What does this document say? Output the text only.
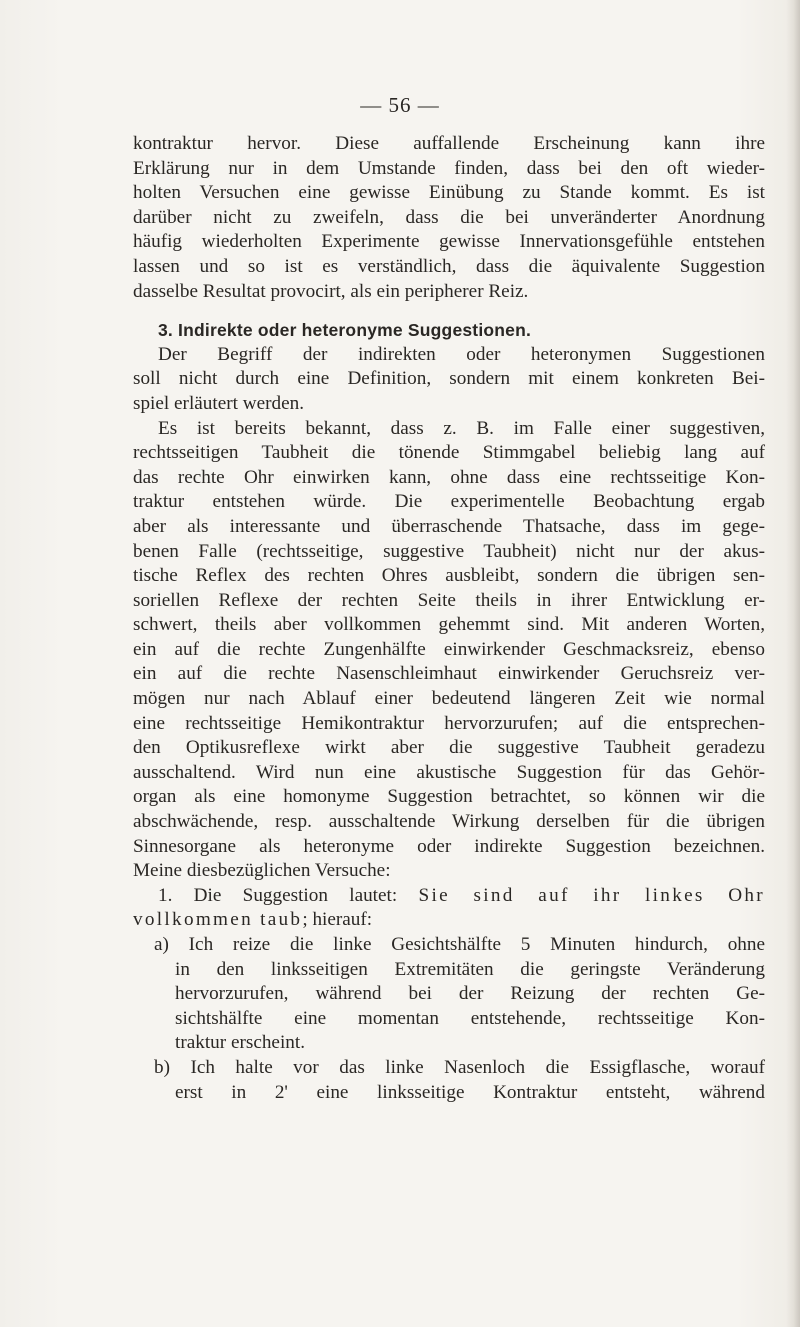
— 56 —
kontraktur hervor. Diese auffallende Erscheinung kann ihre
Erklärung nur in dem Umstande finden, dass bei den oft wieder-
holten Versuchen eine gewisse Einübung zu Stande kommt. Es ist
darüber nicht zu zweifeln, dass die bei unveränderter Anordnung
häufig wiederholten Experimente gewisse Innervationsgefühle entstehen
lassen und so ist es verständlich, dass die äquivalente Suggestion
dasselbe Resultat provocirt, als ein peripherer Reiz.
3. Indirekte oder heteronyme Suggestionen.
Der Begriff der indirekten oder heteronymen Suggestionen
soll nicht durch eine Definition, sondern mit einem konkreten Bei-
spiel erläutert werden.
Es ist bereits bekannt, dass z. B. im Falle einer suggestiven,
rechtsseitigen Taubheit die tönende Stimmgabel beliebig lang auf
das rechte Ohr einwirken kann, ohne dass eine rechtsseitige Kon-
traktur entstehen würde. Die experimentelle Beobachtung ergab
aber als interessante und überraschende Thatsache, dass im gege-
benen Falle (rechtsseitige, suggestive Taubheit) nicht nur der akus-
tische Reflex des rechten Ohres ausbleibt, sondern die übrigen sen-
soriellen Reflexe der rechten Seite theils in ihrer Entwicklung er-
schwert, theils aber vollkommen gehemmt sind. Mit anderen Worten,
ein auf die rechte Zungenhälfte einwirkender Geschmacksreiz, ebenso
ein auf die rechte Nasenschleimhaut einwirkender Geruchsreiz ver-
mögen nur nach Ablauf einer bedeutend längeren Zeit wie normal
eine rechtsseitige Hemikontraktur hervorzurufen; auf die entsprechen-
den Optikusreflexe wirkt aber die suggestive Taubheit geradezu
ausschaltend. Wird nun eine akustische Suggestion für das Gehör-
organ als eine homonyme Suggestion betrachtet, so können wir die
abschwächende, resp. ausschaltende Wirkung derselben für die übrigen
Sinnesorgane als heteronyme oder indirekte Suggestion bezeichnen.
Meine diesbezüglichen Versuche:
1. Die Suggestion lautet: Sie sind auf ihr linkes Ohr
vollkommen taub; hierauf:
a) Ich reize die linke Gesichtshälfte 5 Minuten hindurch, ohne
in den linksseitigen Extremitäten die geringste Veränderung
hervorzurufen, während bei der Reizung der rechten Ge-
sichtshälfte eine momentan entstehende, rechtsseitige Kon-
traktur erscheint.
b) Ich halte vor das linke Nasenloch die Essigflasche, worauf
erst in 2' eine linksseitige Kontraktur entsteht, während
